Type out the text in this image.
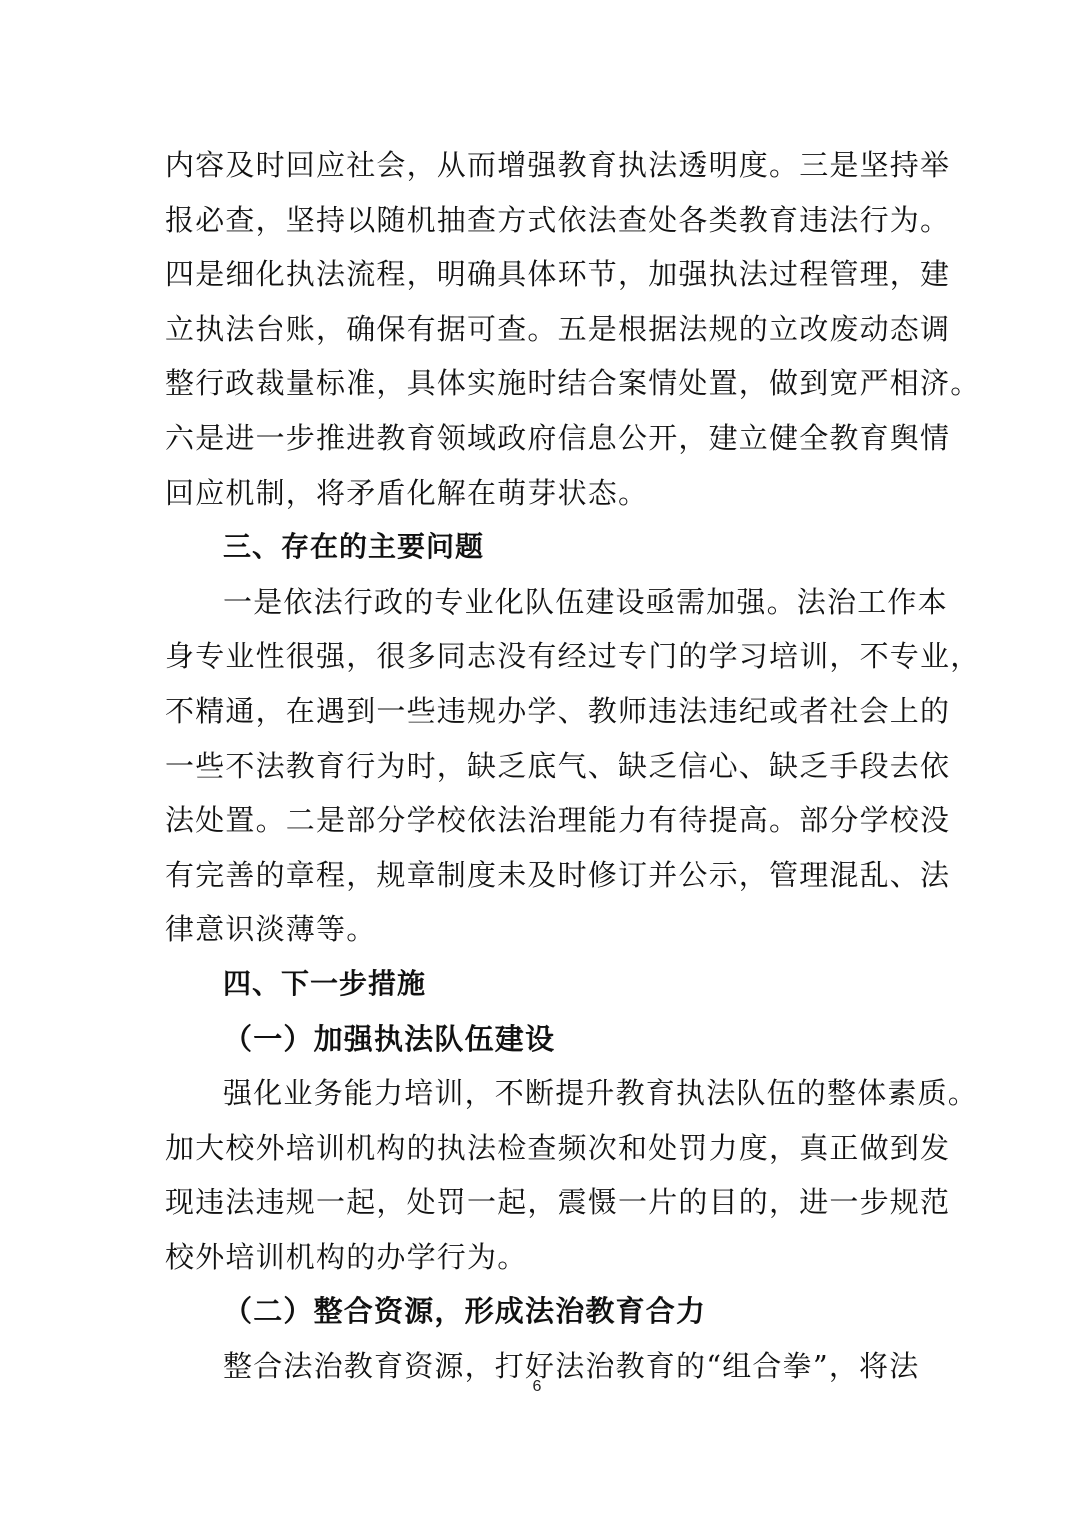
内容及时回应社会，从而增强教育执法透明度。三是坚持举
报必查，坚持以随机抽查方式依法查处各类教育违法行为。
四是细化执法流程，明确具体环节，加强执法过程管理，建
立执法台账，确保有据可查。五是根据法规的立改废动态调
整行政裁量标准，具体实施时结合案情处置，做到宽严相济。
六是进一步推进教育领域政府信息公开，建立健全教育舆情
回应机制，将矛盾化解在萌芽状态。
三、存在的主要问题
一是依法行政的专业化队伍建设亟需加强。法治工作本
身专业性很强，很多同志没有经过专门的学习培训，不专业，
不精通，在遇到一些违规办学、教师违法违纪或者社会上的
一些不法教育行为时，缺乏底气、缺乏信心、缺乏手段去依
法处置。二是部分学校依法治理能力有待提高。部分学校没
有完善的章程，规章制度未及时修订并公示，管理混乱、法
律意识淡薄等。
四、下一步措施
（一）加强执法队伍建设
强化业务能力培训，不断提升教育执法队伍的整体素质。
加大校外培训机构的执法检查频次和处罚力度，真正做到发
现违法违规一起，处罚一起，震慑一片的目的，进一步规范
校外培训机构的办学行为。
（二）整合资源，形成法治教育合力
整合法治教育资源，打好法治教育的“组合拳”，将法
6
